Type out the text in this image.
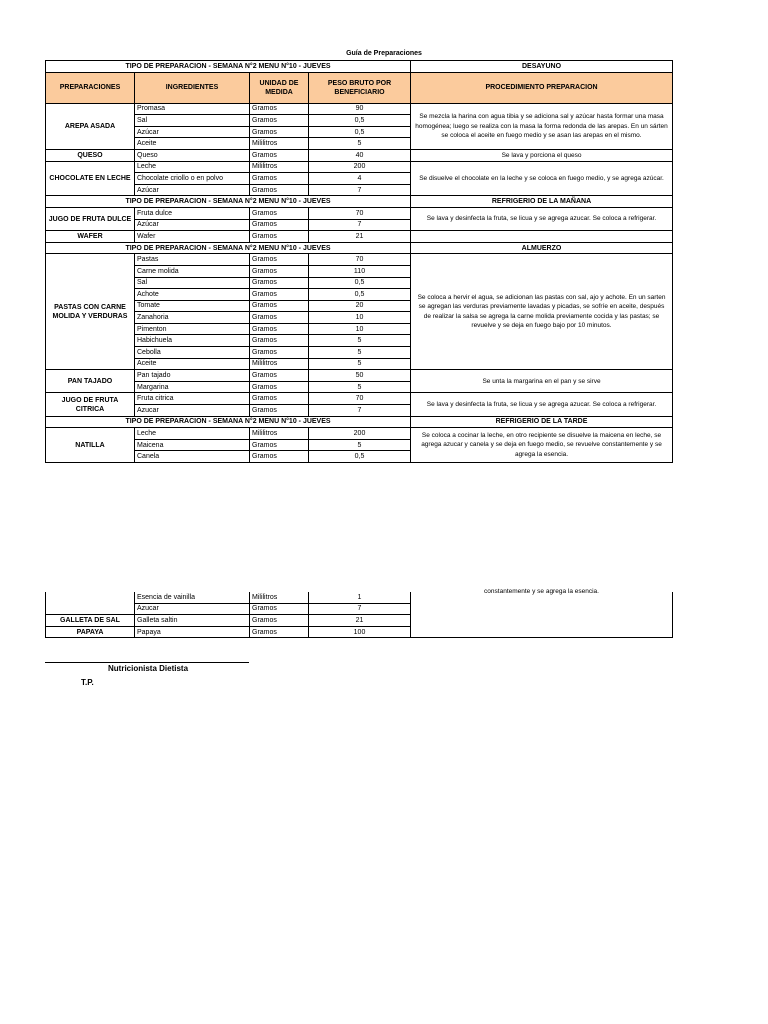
Guía de Preparaciones
TIPO DE PREPARACION - SEMANA N°2 MENU N°10 - JUEVES				DESAYUNO
PREPARACIONES	INGREDIENTES	UNIDAD DE MEDIDA	PESO BRUTO POR BENEFICIARIO	PROCEDIMIENTO PREPARACION
AREPA ASADA	Promasa	Gramos	90	Se mezcla la harina con agua tibia y se adiciona sal y azúcar hasta formar una masa homogénea; luego se realiza con la masa la forma redonda de las arepas. En un sárten se coloca el aceite en fuego medio y se asan las arepas en el mismo.
	Sal	Gramos	0,5	
	Azúcar	Gramos	0,5	
	Aceite	Mililitros	5	
QUESO	Queso	Gramos	40	Se lava y porciona el queso
CHOCOLATE EN LECHE	Leche	Mililitros	200	Se disuelve el chocolate en la leche y se coloca en fuego medio, y se agrega azúcar.
	Chocolate criollo o en polvo	Gramos	4	
	Azúcar	Gramos	7	
TIPO DE PREPARACION - SEMANA N°2 MENU N°10 - JUEVES				REFRIGERIO DE LA MAÑANA
JUGO DE FRUTA DULCE	Fruta dulce	Gramos	70	Se lava y desinfecta la fruta, se licua y se agrega azucar. Se coloca a refrigerar.
	Azúcar	Gramos	7	
WAFER	Wafer	Gramos	21	
TIPO DE PREPARACION - SEMANA N°2 MENU N°10 - JUEVES				ALMUERZO
PASTAS CON CARNE MOLIDA Y VERDURAS	Pastas	Gramos	70	Se coloca a hervir el agua, se adicionan las pastas con sal, ajo y achote. En un sarten se agregan las verduras previamente lavadas y picadas, se sofríe en aceite, después de realizar la salsa se agrega la carne molida previamente cocida y las pastas; se revuelve y se deja en fuego bajo por 10 minutos.
	Carne molida	Gramos	110	
	Sal	Gramos	0,5	
	Achote	Gramos	0,5	
	Tomate	Gramos	20	
	Zanahoria	Gramos	10	
	Pimenton	Gramos	10	
	Habichuela	Gramos	5	
	Cebolla	Gramos	5	
	Aceite	Mililitros	5	
PAN TAJADO	Pan tajado	Gramos	50	Se unta la margarina en el pan y se sirve
	Margarina	Gramos	5	
JUGO DE FRUTA CITRICA	Fruta citrica	Gramos	70	Se lava y desinfecta la fruta, se licua y se agrega azucar. Se coloca a refrigerar.
	Azucar	Gramos	7	
TIPO DE PREPARACION - SEMANA N°2 MENU N°10 - JUEVES				REFRIGERIO DE LA TARDE
NATILLA	Leche	Mililitros	200	Se coloca a cocinar la leche, en otro recipiente se disuelve la maicena en leche, se agrega azucar y canela y se deja en fuego medio, se revuelve constantemente y se agrega la esencia.
	Maicena	Gramos	5	
	Canela	Gramos	0,5	
constantemente y se agrega la esencia.
	Esencia de vainilla	Mililitros	1	
	Azucar	Gramos	7	
GALLETA DE SAL	Galleta saltin	Gramos	21	
PAPAYA	Papaya	Gramos	100	
Nutricionista Dietista
T.P.
